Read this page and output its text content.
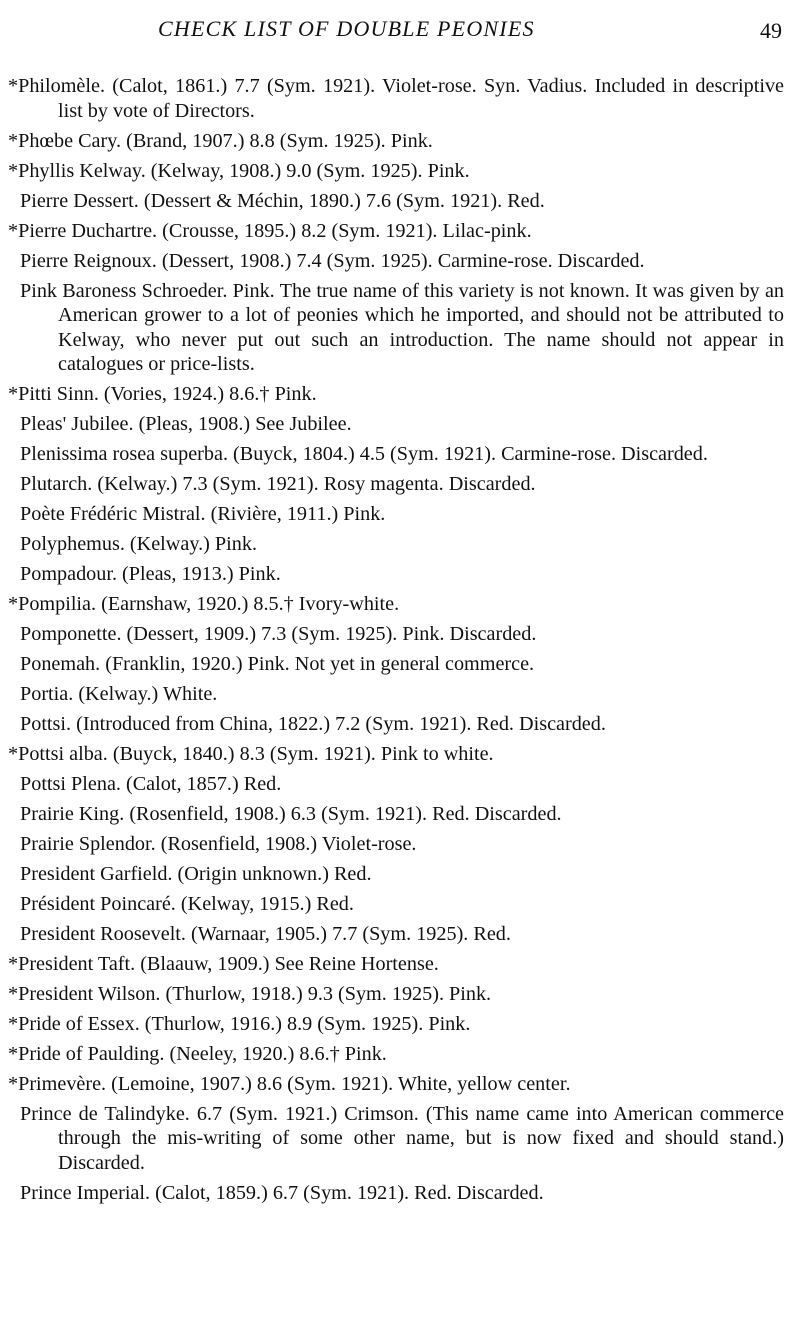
CHECK LIST OF DOUBLE PEONIES	49

*Philomèle. (Calot, 1861.) 7.7 (Sym. 1921). Violet-rose. Syn. Vadius. Included in descriptive list by vote of Directors.

*Phœbe Cary. (Brand, 1907.) 8.8 (Sym. 1925). Pink.

*Phyllis Kelway. (Kelway, 1908.) 9.0 (Sym. 1925). Pink.

Pierre Dessert. (Dessert & Méchin, 1890.) 7.6 (Sym. 1921). Red.

*Pierre Duchartre. (Crousse, 1895.) 8.2 (Sym. 1921). Lilac-pink.

Pierre Reignoux. (Dessert, 1908.) 7.4 (Sym. 1925). Carmine-rose. Discarded.

Pink Baroness Schroeder. Pink. The true name of this variety is not known. It was given by an American grower to a lot of peonies which he imported, and should not be attributed to Kelway, who never put out such an introduction. The name should not appear in catalogues or price-lists.

*Pitti Sinn. (Vories, 1924.) 8.6.† Pink.

Pleas' Jubilee. (Pleas, 1908.) See Jubilee.

Plenissima rosea superba. (Buyck, 1804.) 4.5 (Sym. 1921). Carmine-rose. Discarded.

Plutarch. (Kelway.) 7.3 (Sym. 1921). Rosy magenta. Discarded.

Poète Frédéric Mistral. (Rivière, 1911.) Pink.

Polyphemus. (Kelway.) Pink.

Pompadour. (Pleas, 1913.) Pink.

*Pompilia. (Earnshaw, 1920.) 8.5.† Ivory-white.

Pomponette. (Dessert, 1909.) 7.3 (Sym. 1925). Pink. Discarded.

Ponemah. (Franklin, 1920.) Pink. Not yet in general commerce.

Portia. (Kelway.) White.

Pottsi. (Introduced from China, 1822.) 7.2 (Sym. 1921). Red. Discarded.

*Pottsi alba. (Buyck, 1840.) 8.3 (Sym. 1921). Pink to white.

Pottsi Plena. (Calot, 1857.) Red.

Prairie King. (Rosenfield, 1908.) 6.3 (Sym. 1921). Red. Discarded.

Prairie Splendor. (Rosenfield, 1908.) Violet-rose.

President Garfield. (Origin unknown.) Red.

Président Poincaré. (Kelway, 1915.) Red.

President Roosevelt. (Warnaar, 1905.) 7.7 (Sym. 1925). Red.

*President Taft. (Blaauw, 1909.) See Reine Hortense.

*President Wilson. (Thurlow, 1918.) 9.3 (Sym. 1925). Pink.

*Pride of Essex. (Thurlow, 1916.) 8.9 (Sym. 1925). Pink.

*Pride of Paulding. (Neeley, 1920.) 8.6.† Pink.

*Primevère. (Lemoine, 1907.) 8.6 (Sym. 1921). White, yellow center.

Prince de Talindyke. 6.7 (Sym. 1921.) Crimson. (This name came into American commerce through the mis-writing of some other name, but is now fixed and should stand.) Discarded.

Prince Imperial. (Calot, 1859.) 6.7 (Sym. 1921). Red. Discarded.
